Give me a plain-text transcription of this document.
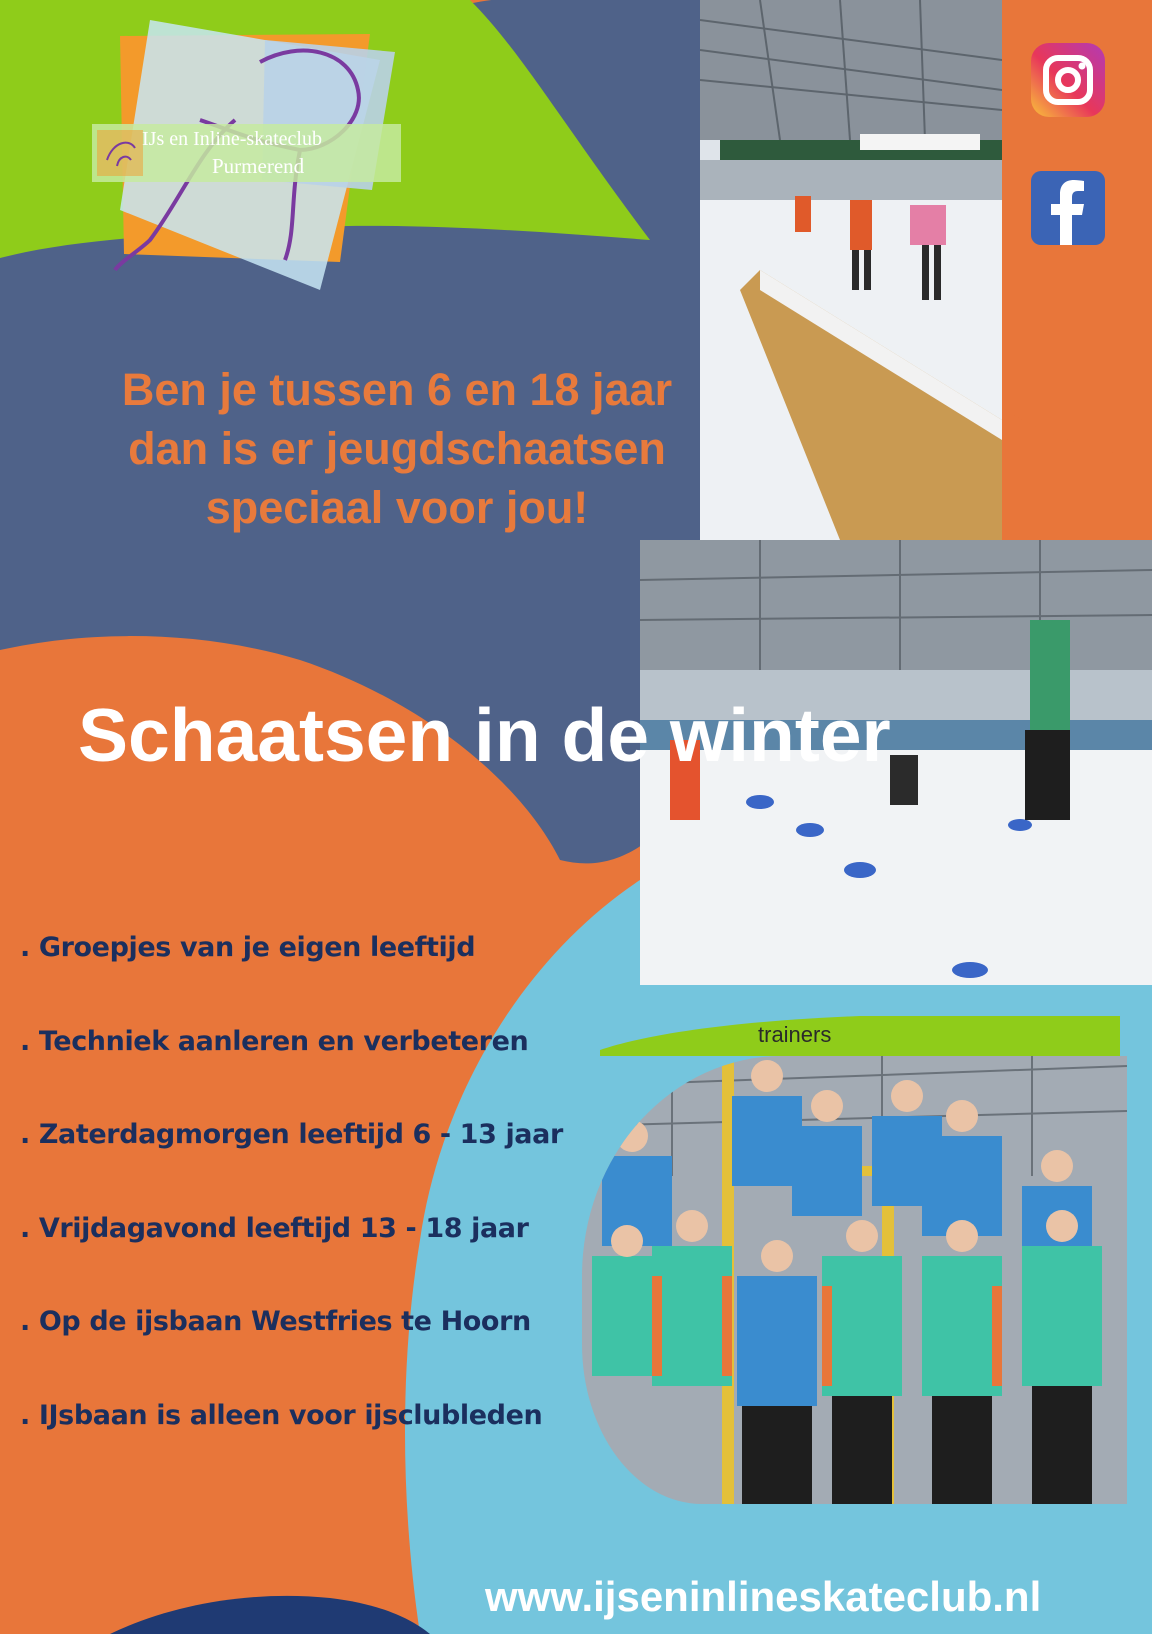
IJs en Inline-skateclub
Purmerend
Ben je tussen 6 en 18 jaar
dan is er jeugdschaatsen
speciaal voor jou!
Schaatsen in de winter
. Groepjes van je eigen leeftijd
. Techniek aanleren en verbeteren
. Zaterdagmorgen leeftijd 6 - 13 jaar
. Vrijdagavond leeftijd 13 - 18 jaar
. Op de ijsbaan Westfries te Hoorn
. IJsbaan is alleen voor ijsclubleden
trainers
www.ijseninlineskateclub.nl
